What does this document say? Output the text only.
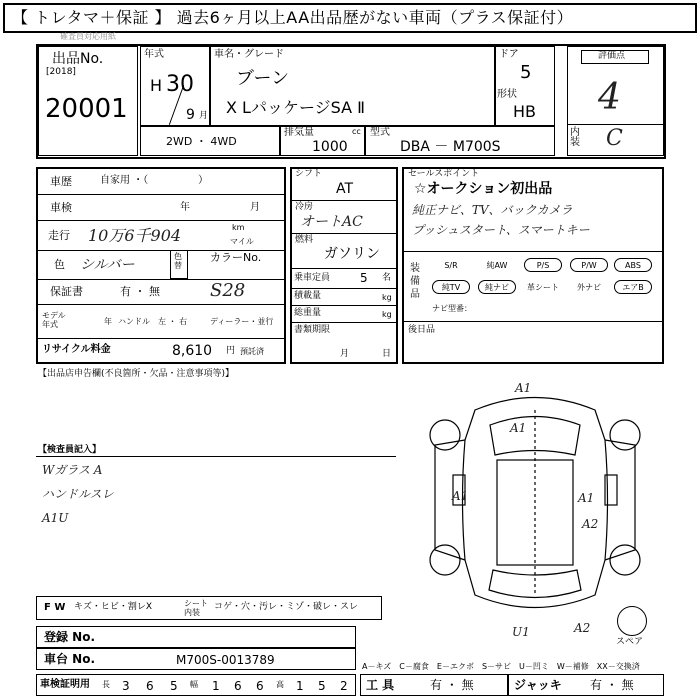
【 トレタマ＋保証 】 過去6ヶ月以上AA出品歴がない車両（プラス保証付）
確査員対応用紙
出品No.
[2018]
20001
年式
H 30
9 月
車名・グレード
ブーン
X LパッケージSA Ⅱ
ドア
5
形状
HB
評価点
4
内装 C
2WD ・ 4WD
排気量	cc
1000
型式
DBA － M700S
車歴	自家用 ・（　　　　　）
車検	年	月
走行 10万6千904	km
マイル
色 シルバー
色替
カラーNo.
S28
保証書	有 ・ 無
モデル年式	年 ハンドル 左 ・ 右	ディーラー・並行
リサイクル料金	8,610 円 預託済
シフト
AT
冷房
オートAC
燃料
ガソリン
乗車定員 5 名
積載量	kg
総重量	kg
書類期限
月	日
セールスポイント
☆オークション初出品
純正ナビ、TV、バックカメラ
プッシュスタート、スマートキー
装備品
S/R	純AW	P/S	P/W	ABS
純TV	純ナビ	革シート	外ナビ	エアB
ナビ型番：
後日品
【出品店申告欄(不良箇所・欠品・注意事項等)】
【検査員記入】
Wガラス A
ハンドルスレ
A1U
A1
A1
A1	A1
A2
U1	A2
スペア
F W キズ・ヒビ・割レX	シート内装
コゲ・穴・汚レ・ミゾ・破レ・スレ
登録 No.
車台 No.	M700S-0013789	A－キズ　C－腐食　E－エクボ　S－サビ　U－凹ミ　W－補修　XX－交換済
車検証明用 長 3 6 5 幅 1 6 6 高 1 5 2 工 具	有 ・ 無	ジャッキ 有 ・ 無
